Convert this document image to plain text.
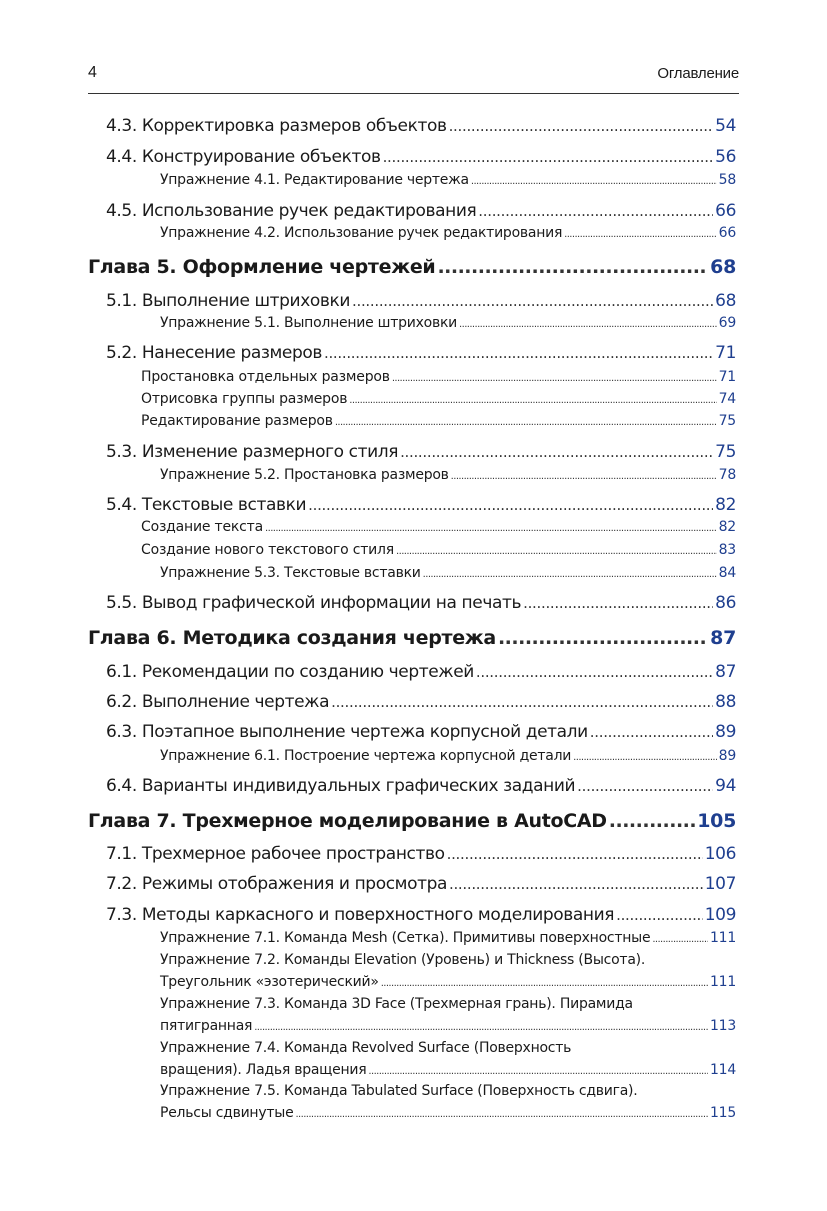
4	Оглавление
4.3. Корректировка размеров объектов .....	54
4.4. Конструирование объектов .....	56
Упражнение 4.1. Редактирование чертежа .....	58
4.5. Использование ручек редактирования .....	66
Упражнение 4.2. Использование ручек редактирования .....	66
Глава 5. Оформление чертежей .....	68
5.1. Выполнение штриховки .....	68
Упражнение 5.1. Выполнение штриховки .....	69
5.2. Нанесение размеров .....	71
Простановка отдельных размеров .....	71
Отрисовка группы размеров .....	74
Редактирование размеров .....	75
5.3. Изменение размерного стиля .....	75
Упражнение 5.2. Простановка размеров .....	78
5.4. Текстовые вставки .....	82
Создание текста .....	82
Создание нового текстового стиля .....	83
Упражнение 5.3. Текстовые вставки .....	84
5.5. Вывод графической информации на печать .....	86
Глава 6. Методика создания чертежа .....	87
6.1. Рекомендации по созданию чертежей .....	87
6.2. Выполнение чертежа .....	88
6.3. Поэтапное выполнение чертежа корпусной детали .....	89
Упражнение 6.1. Построение чертежа корпусной детали .....	89
6.4. Варианты индивидуальных графических заданий .....	94
Глава 7. Трехмерное моделирование в AutoCAD .....	105
7.1. Трехмерное рабочее пространство .....	106
7.2. Режимы отображения и просмотра .....	107
7.3. Методы каркасного и поверхностного моделирования .....	109
Упражнение 7.1. Команда Mesh (Сетка). Примитивы поверхностные .....	111
Упражнение 7.2. Команды Elevation (Уровень) и Thickness (Высота).
Треугольник «эзотерический» .....	111
Упражнение 7.3. Команда 3D Face (Трехмерная грань). Пирамида
пятигранная .....	113
Упражнение 7.4. Команда Revolved Surface (Поверхность
вращения). Ладья вращения .....	114
Упражнение 7.5. Команда Tabulated Surface (Поверхность сдвига).
Рельсы сдвинутые .....	115
